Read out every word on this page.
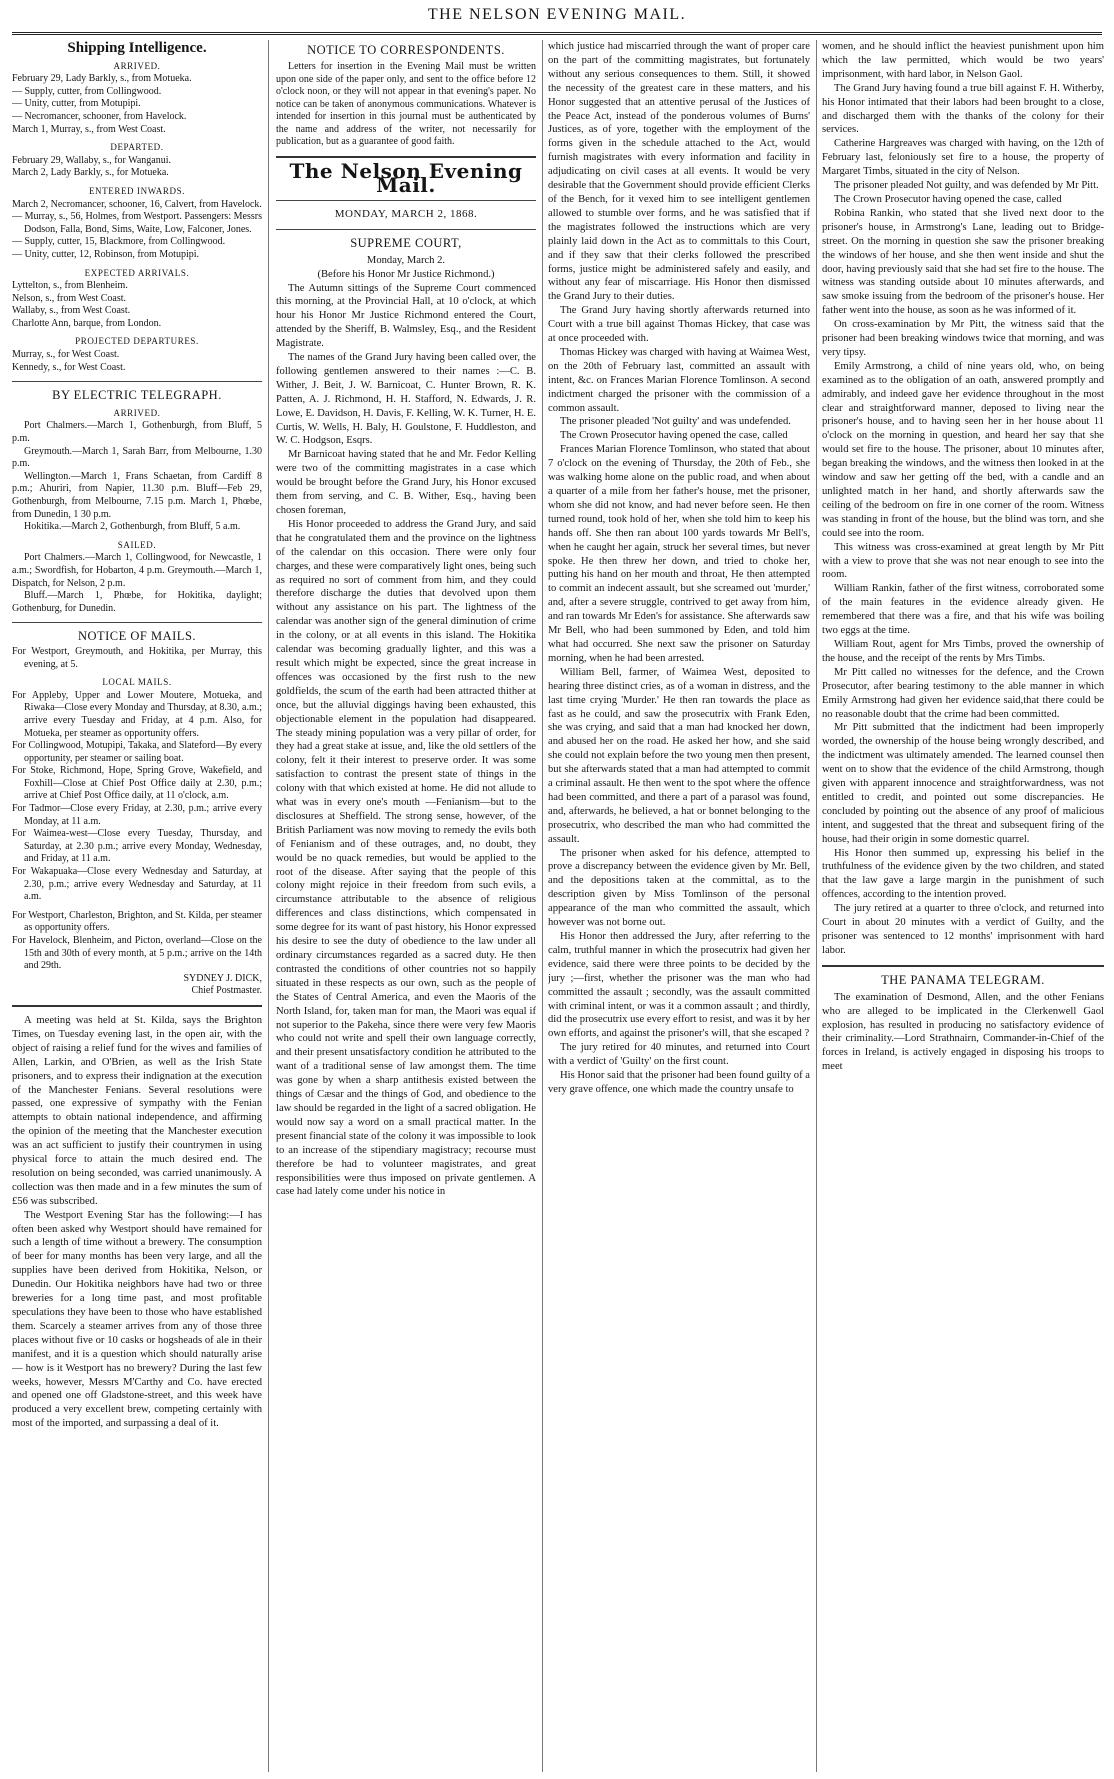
THE NELSON EVENING MAIL.
Shipping Intelligence.
ARRIVED.

February 29, Lady Barkly, s., from Motueka.

— Supply, cutter, from Collingwood.

— Unity, cutter, from Motupipi.

— Necromancer, schooner, from Havelock.

March 1, Murray, s., from West Coast.

DEPARTED.

February 29, Wallaby, s., for Wanganui.

March 2, Lady Barkly, s., for Motueka.

ENTERED INWARDS.

March 2, Necromancer, schooner, 16, Calvert, from Havelock.

— Murray, s., 56, Holmes, from Westport. Passengers: Messrs Dodson, Falla, Bond, Sims, Waite, Low, Falconer, Jones.

— Supply, cutter, 15, Blackmore, from Collingwood.

— Unity, cutter, 12, Robinson, from Motupipi.

EXPECTED ARRIVALS.

Lyttelton, s., from Blenheim.

Nelson, s., from West Coast.

Wallaby, s., from West Coast.

Charlotte Ann, barque, from London.

PROJECTED DEPARTURES.

Murray, s., for West Coast.

Kennedy, s., for West Coast.

BY ELECTRIC TELEGRAPH.
ARRIVED.

Port Chalmers.—March 1, Gothenburgh, from Bluff, 5 p.m.

Greymouth.—March 1, Sarah Barr, from Melbourne, 1.30 p.m.

Wellington.—March 1, Frans Schaetan, from Cardiff 8 p.m.; Ahuriri, from Napier, 11.30 p.m. Bluff—Feb 29, Gothenburgh, from Melbourne, 7.15 p.m. March 1, Phœbe, from Dunedin, 1 30 p.m.

Hokitika.—March 2, Gothenburgh, from Bluff, 5 a.m.

SAILED.

Port Chalmers.—March 1, Collingwood, for Newcastle, 1 a.m.; Swordfish, for Hobarton, 4 p.m. Greymouth.—March 1, Dispatch, for Nelson, 2 p.m.

Bluff.—March 1, Phœbe, for Hokitika, daylight; Gothenburg, for Dunedin.

NOTICE OF MAILS.

For Westport, Greymouth, and Hokitika, per Murray, this evening, at 5.

LOCAL MAILS.

For Appleby, Upper and Lower Moutere, Motueka, and Riwaka—Close every Monday and Thursday, at 8.30, a.m.; arrive every Tuesday and Friday, at 4 p.m. Also, for Motueka, per steamer as opportunity offers.

For Collingwood, Motupipi, Takaka, and Slateford—By every opportunity, per steamer or sailing boat.

For Stoke, Richmond, Hope, Spring Grove, Wakefield, and Foxhill—Close at Chief Post Office daily at 2.30, p.m.; arrive at Chief Post Office daily, at 11 o'clock, a.m.

For Tadmor—Close every Friday, at 2.30, p.m.; arrive every Monday, at 11 a.m.

For Waimea-west—Close every Tuesday, Thursday, and Saturday, at 2.30 p.m.; arrive every Monday, Wednesday, and Friday, at 11 a.m.

For Wakapuaka—Close every Wednesday and Saturday, at 2.30, p.m.; arrive every Wednesday and Saturday, at 11 a.m.

For Westport, Charleston, Brighton, and St. Kilda, per steamer as opportunity offers.

For Havelock, Blenheim, and Picton, overland—Close on the 15th and 30th of every month, at 5 p.m.; arrive on the 14th and 29th.

SYDNEY J. DICK,

Chief Postmaster.

A meeting was held at St. Kilda, says the Brighton Times, on Tuesday evening last, in the open air, with the object of raising a relief fund for the wives and families of Allen, Larkin, and O'Brien, as well as the Irish State prisoners, and to express their indignation at the execution of the Manchester Fenians. Several resolutions were passed, one expressive of sympathy with the Fenian attempts to obtain national independence, and affirming the opinion of the meeting that the Manchester execution was an act sufficient to justify their countrymen in using physical force to attain the much desired end. The resolution on being seconded, was carried unanimously. A collection was then made and in a few minutes the sum of £56 was subscribed.

The Westport Evening Star has the following:—I has often been asked why Westport should have remained for such a length of time without a brewery. The consumption of beer for many months has been very large, and all the supplies have been derived from Hokitika, Nelson, or Dunedin. Our Hokitika neighbors have had two or three breweries for a long time past, and most profitable speculations they have been to those who have established them. Scarcely a steamer arrives from any of those three places without five or 10 casks or hogsheads of ale in their manifest, and it is a question which should naturally arise— how is it Westport has no brewery? During the last few weeks, however, Messrs M'Carthy and Co. have erected and opened one off Gladstone-street, and this week have produced a very excellent brew, competing certainly with most of the imported, and surpassing a deal of it.

NOTICE TO CORRESPONDENTS.

Letters for insertion in the Evening Mail must be written upon one side of the paper only, and sent to the office before 12 o'clock noon, or they will not appear in that evening's paper. No notice can be taken of anonymous communications. Whatever is intended for insertion in this journal must be authenticated by the name and address of the writer, not necessarily for publication, but as a guarantee of good faith.

The Nelson Evening Mail.
MONDAY, MARCH 2, 1868.
SUPREME COURT,

Monday, March 2.

(Before his Honor Mr Justice Richmond.)

The Autumn sittings of the Supreme Court commenced this morning, at the Provincial Hall, at 10 o'clock, at which hour his Honor Mr Justice Richmond entered the Court, attended by the Sheriff, B. Walmsley, Esq., and the Resident Magistrate.

The names of the Grand Jury having been called over, the following gentlemen answered to their names :—C. B. Wither, J. Beit, J. W. Barnicoat, C. Hunter Brown, R. K. Patten, A. J. Richmond, H. H. Stafford, N. Edwards, J. R. Lowe, E. Davidson, H. Davis, F. Kelling, W. K. Turner, H. E. Curtis, W. Wells, H. Baly, H. Goulstone, F. Huddleston, and W. C. Hodgson, Esqrs.

Mr Barnicoat having stated that he and Mr. Fedor Kelling were two of the committing magistrates in a case which would be brought before the Grand Jury, his Honor excused them from serving, and C. B. Wither, Esq., having been chosen foreman,

His Honor proceeded to address the Grand Jury, and said that he congratulated them and the province on the lightness of the calendar on this occasion. There were only four charges, and these were comparatively light ones, being such as required no sort of comment from him, and they could therefore discharge the duties that devolved upon them without any assistance on his part. The lightness of the calendar was another sign of the general diminution of crime in the colony, or at all events in this island. The Hokitika calendar was becoming gradually lighter, and this was a result which might be expected, since the great increase in offences was occasioned by the first rush to the new goldfields, the scum of the earth had been attracted thither at once, but the alluvial diggings having been exhausted, this objectionable element in the population had disappeared. The steady mining population was a very pillar of order, for they had a great stake at issue, and, like the old settlers of the colony, felt it their interest to preserve order. It was some satisfaction to contrast the present state of things in the colony with that which existed at home. He did not allude to what was in every one's mouth —Fenianism—but to the disclosures at Sheffield. The strong sense, however, of the British Parliament was now moving to remedy the evils both of Fenianism and of these outrages, and, no doubt, they would be no quack remedies, but would be applied to the root of the disease. After saying that the people of this colony might rejoice in their freedom from such evils, a circumstance attributable to the absence of religious differences and class distinctions, which compensated in some degree for its want of past history, his Honor expressed his desire to see the duty of obedience to the law under all ordinary circumstances regarded as a sacred duty. He then contrasted the conditions of other countries not so happily situated in these respects as our own, such as the people of the States of Central America, and even the Maoris of the North Island, for, taken man for man, the Maori was equal if not superior to the Pakeha, since there were very few Maoris who could not write and spell their own language correctly, and their present unsatisfactory condition he attributed to the want of a traditional sense of law amongst them. The time was gone by when a sharp antithesis existed between the things of Cæsar and the things of God, and obedience to the law should be regarded in the light of a sacred obligation. He would now say a word on a small practical matter. In the present financial state of the colony it was impossible to look to an increase of the stipendiary magistracy; recourse must therefore be had to volunteer magistrates, and great responsibilities were thus imposed on private gentlemen. A case had lately come under his notice in

which justice had miscarried through the want of proper care on the part of the committing magistrates, but fortunately without any serious consequences to them. Still, it showed the necessity of the greatest care in these matters, and his Honor suggested that an attentive perusal of the Justices of the Peace Act, instead of the ponderous volumes of Burns' Justices, as of yore, together with the employment of the forms given in the schedule attached to the Act, would furnish magistrates with every information and facility in adjudicating on civil cases at all events. It would be very desirable that the Government should provide efficient Clerks of the Bench, for it vexed him to see intelligent gentlemen allowed to stumble over forms, and he was satisfied that if the magistrates followed the instructions which are very plainly laid down in the Act as to committals to this Court, and if they saw that their clerks followed the prescribed forms, justice might be administered safely and easily, and without any fear of miscarriage. His Honor then dismissed the Grand Jury to their duties.

The Grand Jury having shortly afterwards returned into Court with a true bill against Thomas Hickey, that case was at once proceeded with.

Thomas Hickey was charged with having at Waimea West, on the 20th of February last, committed an assault with intent, &c. on Frances Marian Florence Tomlinson. A second indictment charged the prisoner with the commission of a common assault.

The prisoner pleaded 'Not guilty' and was undefended.

The Crown Prosecutor having opened the case, called

Frances Marian Florence Tomlinson, who stated that about 7 o'clock on the evening of Thursday, the 20th of Feb., she was walking home alone on the public road, and when about a quarter of a mile from her father's house, met the prisoner, whom she did not know, and had never before seen. He then turned round, took hold of her, when she told him to keep his hands off. She then ran about 100 yards towards Mr Bell's, when he caught her again, struck her several times, but never spoke. He then threw her down, and tried to choke her, putting his hand on her mouth and throat, He then attempted to commit an indecent assault, but she screamed out 'murder,' and, after a severe struggle, contrived to get away from him, and ran towards Mr Eden's for assistance. She afterwards saw Mr Bell, who had been summoned by Eden, and told him what had occurred. She next saw the prisoner on Saturday morning, when he had been arrested.

William Bell, farmer, of Waimea West, deposited to hearing three distinct cries, as of a woman in distress, and the last time crying 'Murder.' He then ran towards the place as fast as he could, and saw the prosecutrix with Frank Eden, she was crying, and said that a man had knocked her down, and abused her on the road. He asked her how, and she said she could not explain before the two young men then present, but she afterwards stated that a man had attempted to commit a criminal assault. He then went to the spot where the offence had been committed, and there a part of a parasol was found, and, afterwards, he believed, a hat or bonnet belonging to the prosecutrix, who described the man who had committed the assault.

The prisoner when asked for his defence, attempted to prove a discrepancy between the evidence given by Mr. Bell, and the depositions taken at the committal, as to the description given by Miss Tomlinson of the personal appearance of the man who committed the assault, which however was not borne out.

His Honor then addressed the Jury, after referring to the calm, truthful manner in which the prosecutrix had given her evidence, said there were three points to be decided by the jury ;—first, whether the prisoner was the man who had committed the assault ; secondly, was the assault committed with criminal intent, or was it a common assault ; and thirdly, did the prosecutrix use every effort to resist, and was it by her own efforts, and against the prisoner's will, that she escaped ?

The jury retired for 40 minutes, and returned into Court with a verdict of 'Guilty' on the first count.

His Honor said that the prisoner had been found guilty of a very grave offence, one which made the country unsafe to

women, and he should inflict the heaviest punishment upon him which the law permitted, which would be two years' imprisonment, with hard labor, in Nelson Gaol.

The Grand Jury having found a true bill against F. H. Witherby, his Honor intimated that their labors had been brought to a close, and discharged them with the thanks of the colony for their services.

Catherine Hargreaves was charged with having, on the 12th of February last, feloniously set fire to a house, the property of Margaret Timbs, situated in the city of Nelson.

The prisoner pleaded Not guilty, and was defended by Mr Pitt.

The Crown Prosecutor having opened the case, called

Robina Rankin, who stated that she lived next door to the prisoner's house, in Armstrong's Lane, leading out to Bridge-street. On the morning in question she saw the prisoner breaking the windows of her house, and she then went inside and shut the door, having previously said that she had set fire to the house. The witness was standing outside about 10 minutes afterwards, and saw smoke issuing from the bedroom of the prisoner's house. Her father went into the house, as soon as he was informed of it.

On cross-examination by Mr Pitt, the witness said that the prisoner had been breaking windows twice that morning, and was very tipsy.

Emily Armstrong, a child of nine years old, who, on being examined as to the obligation of an oath, answered promptly and admirably, and indeed gave her evidence throughout in the most clear and straightforward manner, deposed to living near the prisoner's house, and to having seen her in her house about 11 o'clock on the morning in question, and heard her say that she would set fire to the house. The prisoner, about 10 minutes after, began breaking the windows, and the witness then looked in at the window and saw her getting off the bed, with a candle and an unlighted match in her hand, and shortly afterwards saw the ceiling of the bedroom on fire in one corner of the room. Witness was standing in front of the house, but the blind was torn, and she could see into the room.

This witness was cross-examined at great length by Mr Pitt with a view to prove that she was not near enough to see into the room.

William Rankin, father of the first witness, corroborated some of the main features in the evidence already given. He remembered that there was a fire, and that his wife was boiling two eggs at the time.

William Rout, agent for Mrs Timbs, proved the ownership of the house, and the receipt of the rents by Mrs Timbs.

Mr Pitt called no witnesses for the defence, and the Crown Prosecutor, after bearing testimony to the able manner in which Emily Armstrong had given her evidence said,that there could be no reasonable doubt that the crime had been committed.

Mr Pitt submitted that the indictment had been improperly worded, the ownership of the house being wrongly described, and the indictment was ultimately amended. The learned counsel then went on to show that the evidence of the child Armstrong, though given with apparent innocence and straightforwardness, was not entitled to credit, and pointed out some discrepancies. He concluded by pointing out the absence of any proof of malicious intent, and suggested that the threat and subsequent firing of the house, had their origin in some domestic quarrel.

His Honor then summed up, expressing his belief in the truthfulness of the evidence given by the two children, and stated that the law gave a large margin in the punishment of such offences, according to the intention proved.

The jury retired at a quarter to three o'clock, and returned into Court in about 20 minutes with a verdict of Guilty, and the prisoner was sentenced to 12 months' imprisonment with hard labor.

THE PANAMA TELEGRAM.

The examination of Desmond, Allen, and the other Fenians who are alleged to be implicated in the Clerkenwell Gaol explosion, has resulted in producing no satisfactory evidence of their criminality.—Lord Strathnairn, Commander-in-Chief of the forces in Ireland, is actively engaged in disposing his troops to meet
